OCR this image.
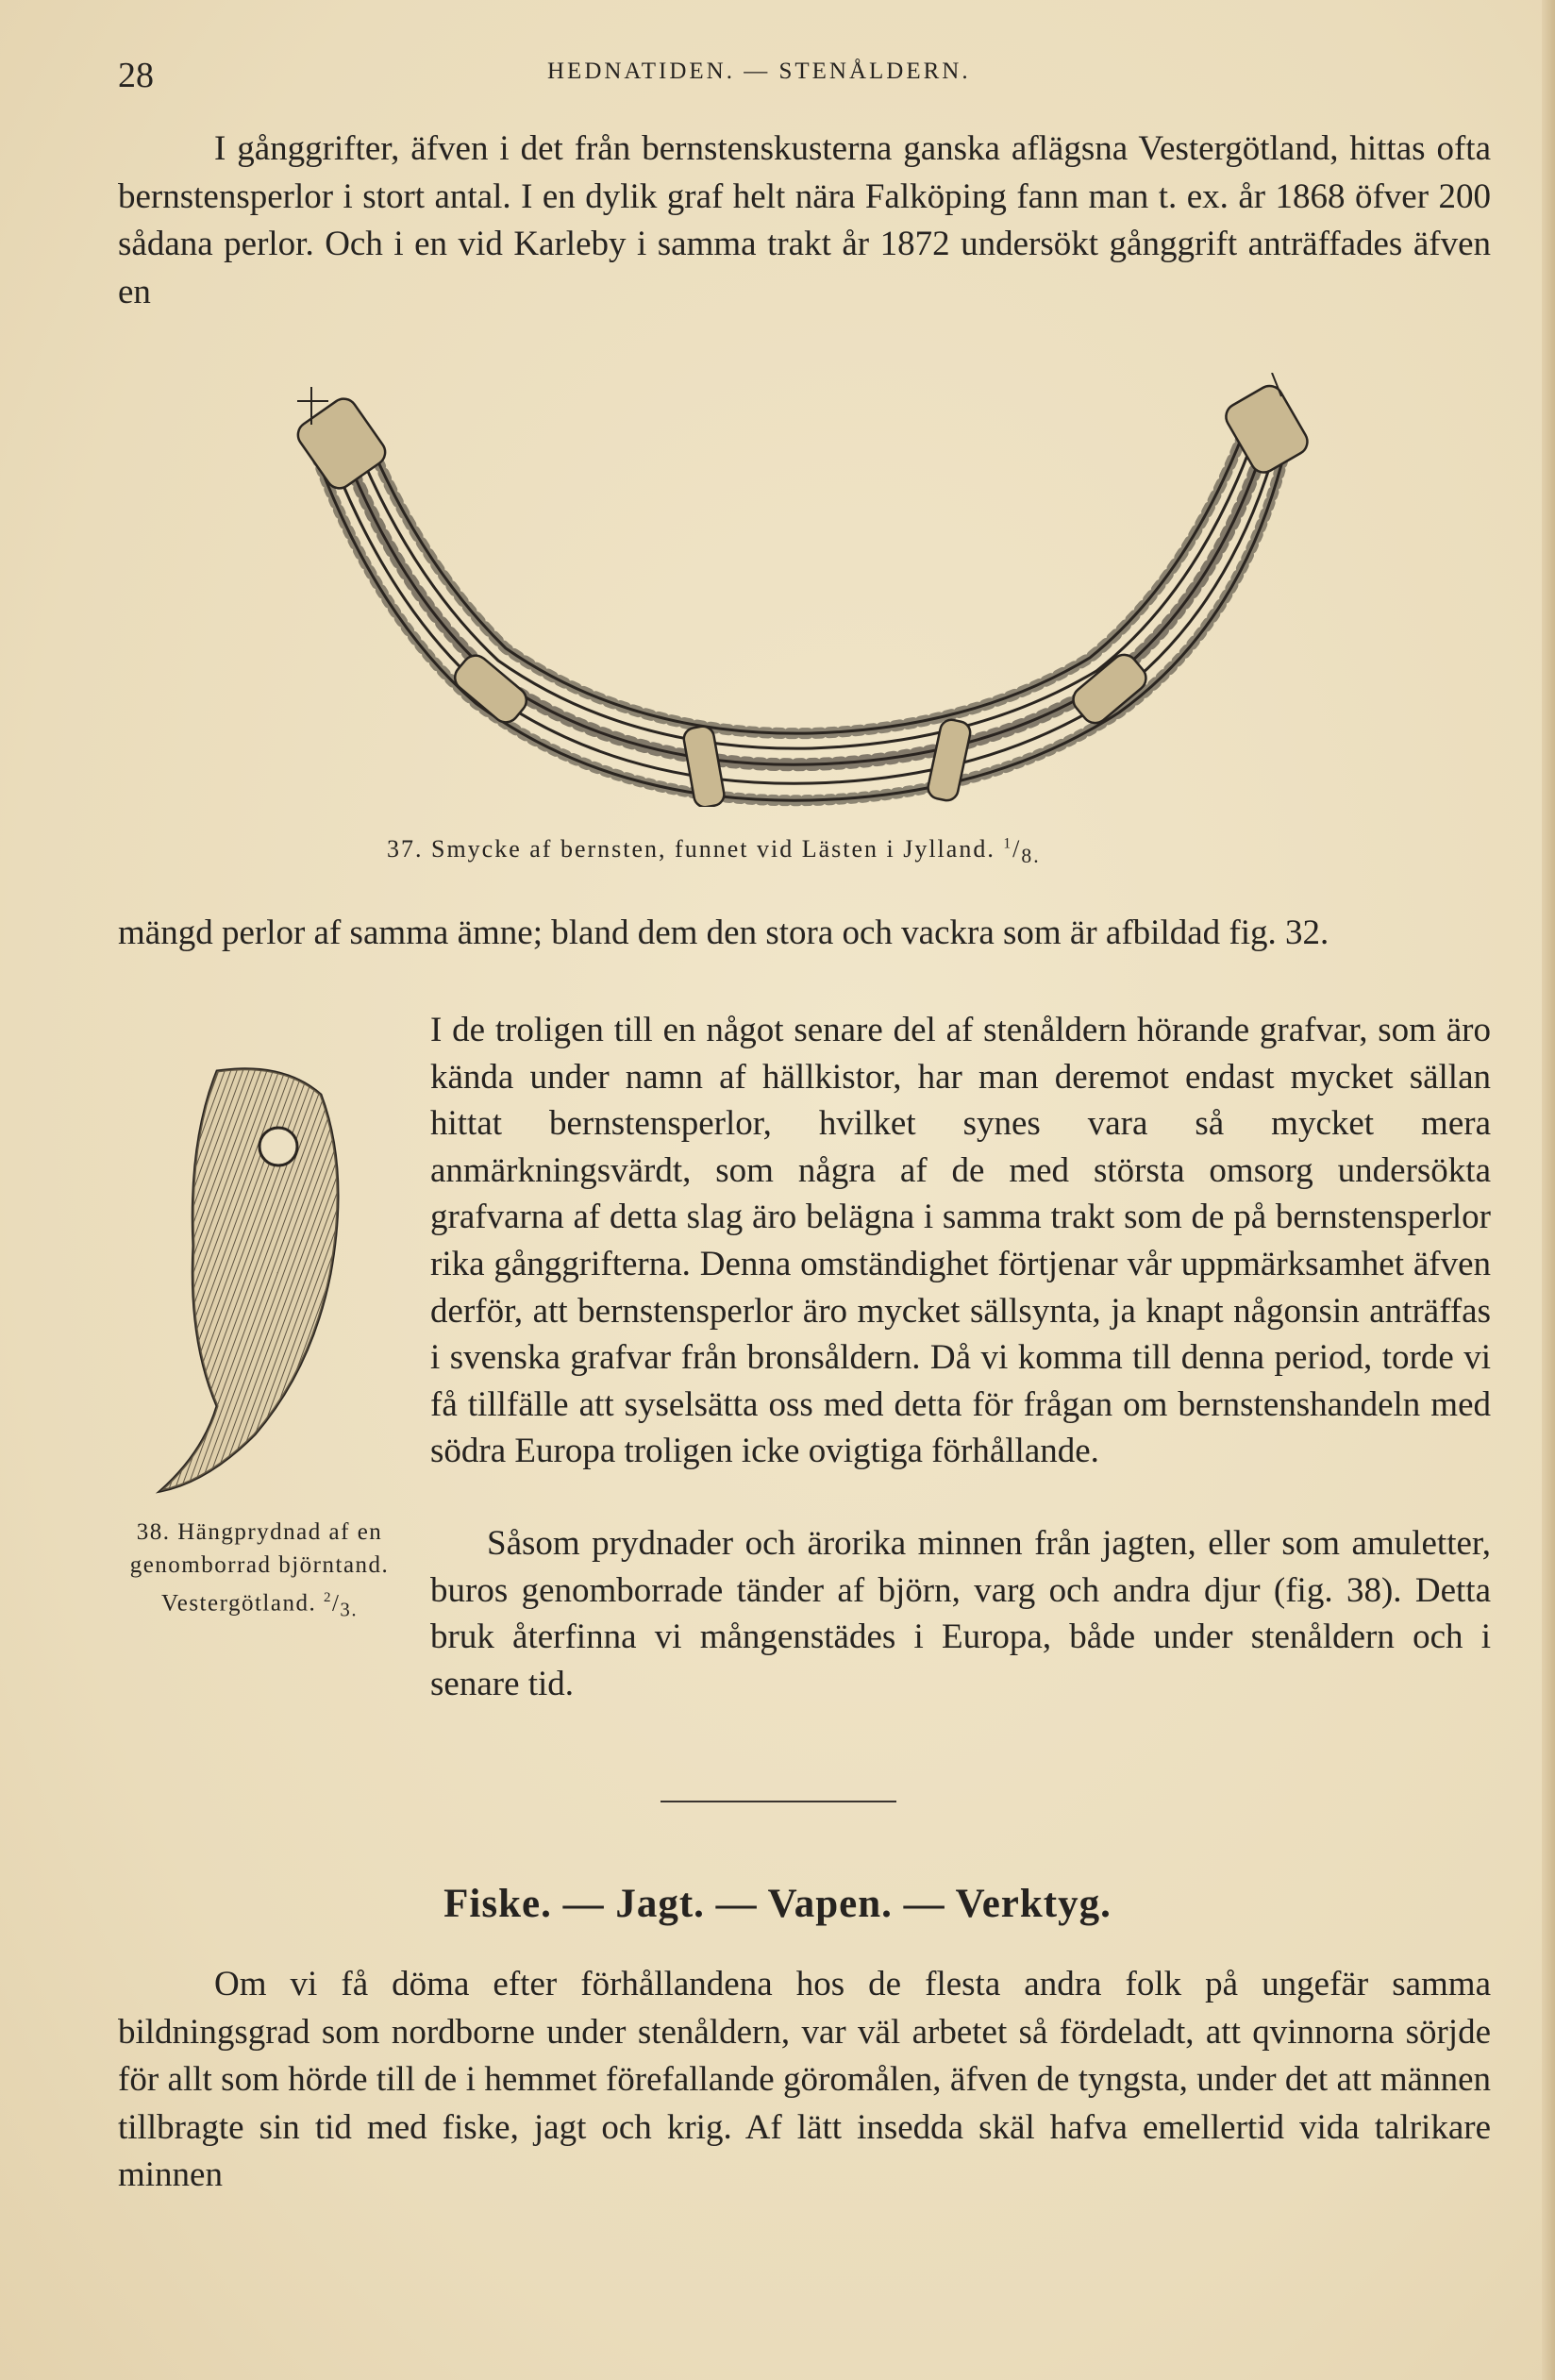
28	HEDNATIDEN. — STENÅLDERN.

I gånggrifter, äfven i det från bernstenskusterna ganska aflägsna Vestergötland, hittas ofta bernstensperlor i stort antal. I en dylik graf helt nära Falköping fann man t. ex. år 1868 öfver 200 sådana perlor. Och i en vid Karleby i samma trakt år 1872 undersökt gånggrift anträffades äfven en

37. Smycke af bernsten, funnet vid Lästen i Jylland. $^1/_{8.}$

mängd perlor af samma ämne; bland dem den stora och vackra som är afbildad fig. 32.

38. Hängprydnad af en genomborrad björntand. Vestergötland. $^2/_{3.}$

I de troligen till en något senare del af stenåldern hörande grafvar, som äro kända under namn af hällkistor, har man deremot endast mycket sällan hittat bernstensperlor, hvilket synes vara så mycket mera anmärkningsvärdt, som några af de med största omsorg undersökta grafvarna af detta slag äro belägna i samma trakt som de på bernstensperlor rika gånggrifterna. Denna omständighet förtjenar vår uppmärksamhet äfven derför, att bernstensperlor äro mycket sällsynta, ja knapt någonsin anträffas i svenska grafvar från bronsåldern. Då vi komma till denna period, torde vi få tillfälle att syselsätta oss med detta för frågan om bernstenshandeln med södra Europa troligen icke ovigtiga förhållande.

Såsom prydnader och ärorika minnen från jagten, eller som amuletter, buros genomborrade tänder af björn, varg och andra djur (fig. 38). Detta bruk återfinna vi mångenstädes i Europa, både under stenåldern och i senare tid.

Fiske. — Jagt. — Vapen. — Verktyg.

Om vi få döma efter förhållandena hos de flesta andra folk på ungefär samma bildningsgrad som nordborne under stenåldern, var väl arbetet så fördeladt, att qvinnorna sörjde för allt som hörde till de i hemmet förefallande göromålen, äfven de tyngsta, under det att männen tillbragte sin tid med fiske, jagt och krig. Af lätt insedda skäl hafva emellertid vida talrikare minnen
